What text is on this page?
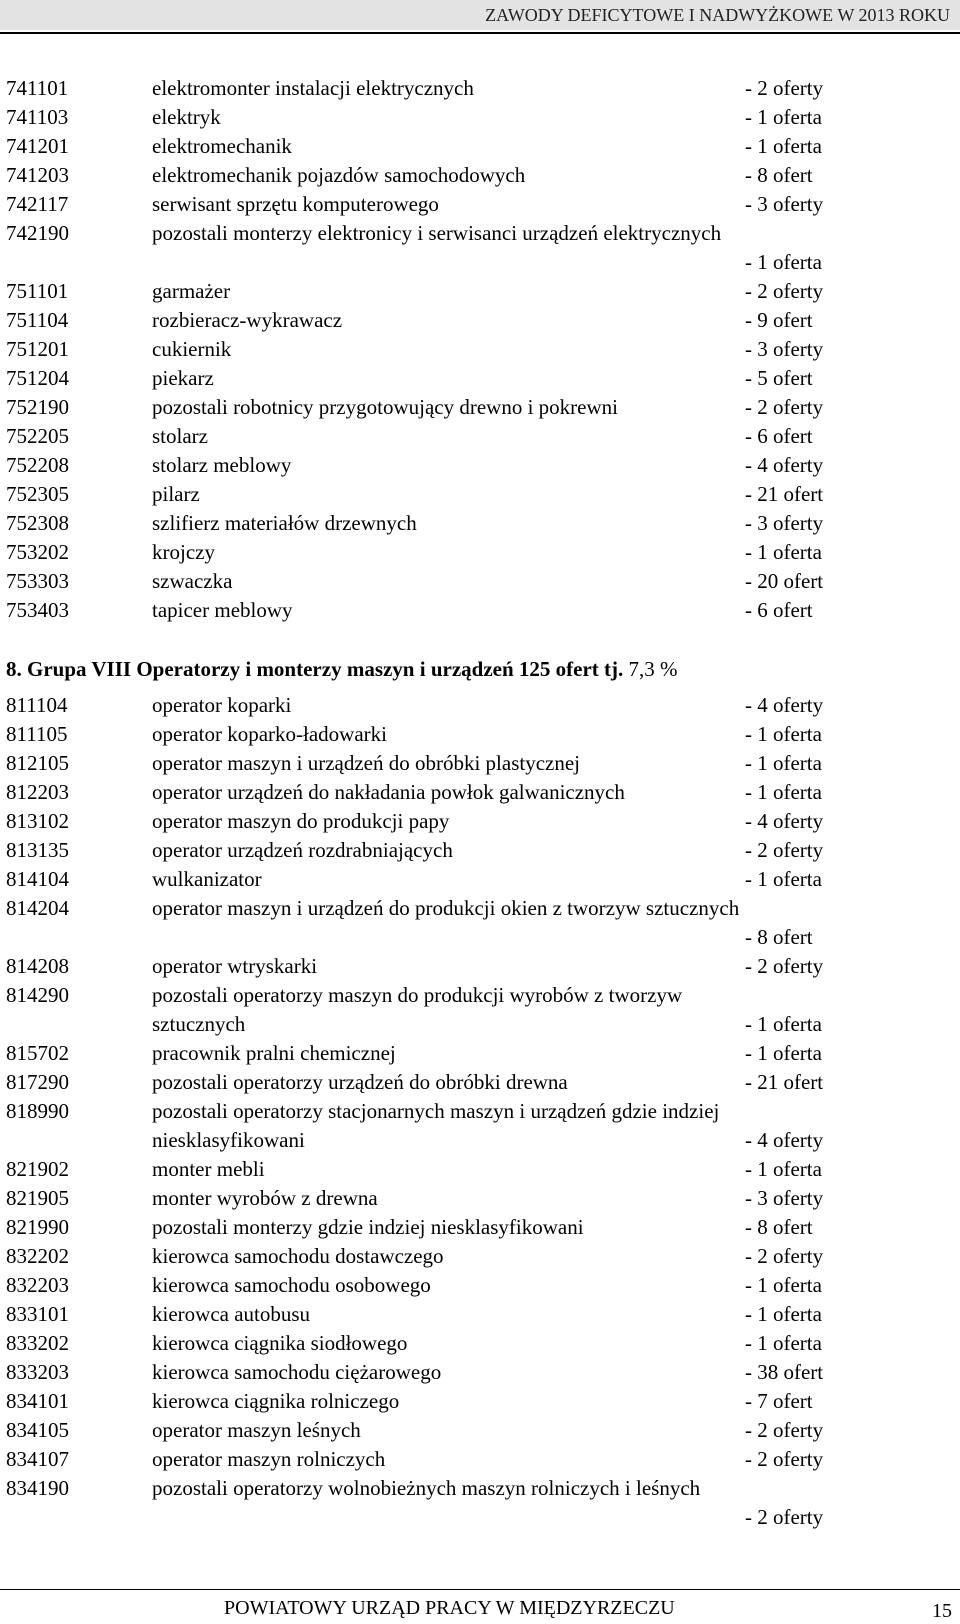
ZAWODY DEFICYTOWE I NADWYŻKOWE W 2013 ROKU
741101	elektromonter instalacji elektrycznych	- 2 oferty
741103	elektryk	- 1 oferta
741201	elektromechanik	- 1 oferta
741203	elektromechanik pojazdów samochodowych	- 8 ofert
742117	serwisant sprzętu komputerowego	- 3 oferty
742190	pozostali monterzy elektronicy i serwisanci urządzeń elektrycznych
- 1 oferta
751101	garmażer	- 2 oferty
751104	rozbieracz-wykrawacz	- 9 ofert
751201	cukiernik	- 3 oferty
751204	piekarz	- 5 ofert
752190	pozostali robotnicy przygotowujący drewno i pokrewni	- 2 oferty
752205	stolarz	- 6 ofert
752208	stolarz meblowy	- 4 oferty
752305	pilarz	- 21 ofert
752308	szlifierz materiałów drzewnych	- 3 oferty
753202	krojczy	- 1 oferta
753303	szwaczka	- 20 ofert
753403	tapicer meblowy	- 6 ofert
8. Grupa VIII Operatorzy i monterzy maszyn i urządzeń 125 ofert tj. 7,3 %
811104	operator koparki	- 4 oferty
811105	operator koparko-ładowarki	- 1 oferta
812105	operator maszyn i urządzeń do obróbki plastycznej	- 1 oferta
812203	operator urządzeń do nakładania powłok galwanicznych	- 1 oferta
813102	operator maszyn do produkcji papy	- 4 oferty
813135	operator urządzeń rozdrabniających	- 2 oferty
814104	wulkanizator	- 1 oferta
814204	operator maszyn i urządzeń do produkcji okien z tworzyw sztucznych
- 8 ofert
814208	operator wtryskarki	- 2 oferty
814290	pozostali operatorzy maszyn do produkcji wyrobów z tworzyw sztucznych	- 1 oferta
815702	pracownik pralni chemicznej	- 1 oferta
817290	pozostali operatorzy urządzeń do obróbki drewna	- 21 ofert
818990	pozostali operatorzy stacjonarnych maszyn i urządzeń gdzie indziej niesklasyfikowani	- 4 oferty
821902	monter mebli	- 1 oferta
821905	monter wyrobów z drewna	- 3 oferty
821990	pozostali monterzy gdzie indziej niesklasyfikowani	- 8 ofert
832202	kierowca samochodu dostawczego	- 2 oferty
832203	kierowca samochodu osobowego	- 1 oferta
833101	kierowca autobusu	- 1 oferta
833202	kierowca ciągnika siodłowego	- 1 oferta
833203	kierowca samochodu ciężarowego	- 38 ofert
834101	kierowca ciągnika rolniczego	- 7 ofert
834105	operator maszyn leśnych	- 2 oferty
834107	operator maszyn rolniczych	- 2 oferty
834190	pozostali operatorzy wolnobieżnych maszyn rolniczych i leśnych
- 2 oferty
POWIATOWY URZĄD PRACY W MIĘDZYRZECZU	15
